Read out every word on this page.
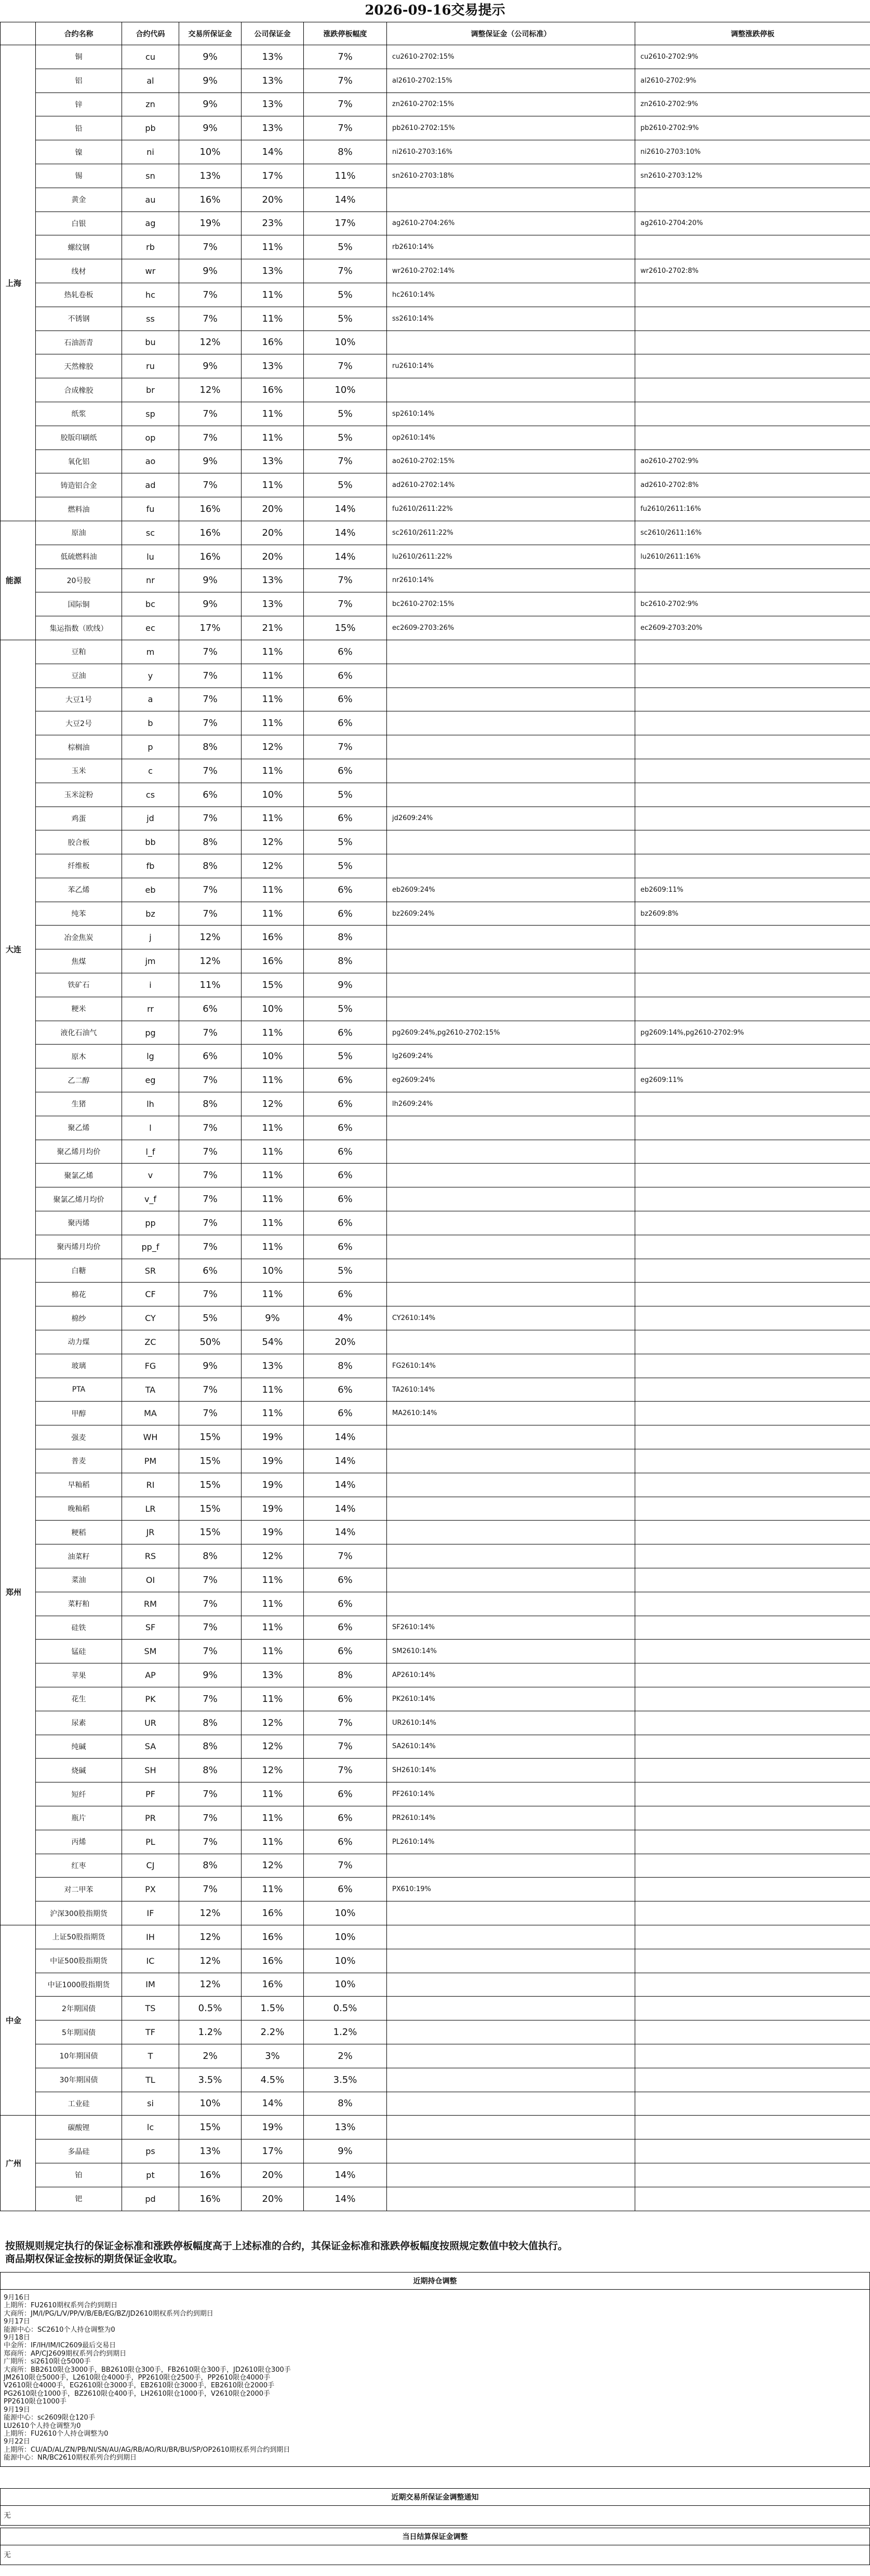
2026-09-16交易提示
	合约名称	合约代码	交易所保证金	公司保证金	涨跌停板幅度	调整保证金（公司标准）	调整涨跌停板
上海	铜	cu	9%	13%	7%	cu2610-2702:15%	cu2610-2702:9%
	铝	al	9%	13%	7%	al2610-2702:15%	al2610-2702:9%
	锌	zn	9%	13%	7%	zn2610-2702:15%	zn2610-2702:9%
	铅	pb	9%	13%	7%	pb2610-2702:15%	pb2610-2702:9%
	镍	ni	10%	14%	8%	ni2610-2703:16%	ni2610-2703:10%
	锡	sn	13%	17%	11%	sn2610-2703:18%	sn2610-2703:12%
	黄金	au	16%	20%	14%		
	白银	ag	19%	23%	17%	ag2610-2704:26%	ag2610-2704:20%
	螺纹钢	rb	7%	11%	5%	rb2610:14%	
	线材	wr	9%	13%	7%	wr2610-2702:14%	wr2610-2702:8%
	热轧卷板	hc	7%	11%	5%	hc2610:14%	
	不锈钢	ss	7%	11%	5%	ss2610:14%	
	石油沥青	bu	12%	16%	10%		
	天然橡胶	ru	9%	13%	7%	ru2610:14%	
	合成橡胶	br	12%	16%	10%		
	纸浆	sp	7%	11%	5%	sp2610:14%	
	胶版印刷纸	op	7%	11%	5%	op2610:14%	
	氧化铝	ao	9%	13%	7%	ao2610-2702:15%	ao2610-2702:9%
	铸造铝合金	ad	7%	11%	5%	ad2610-2702:14%	ad2610-2702:8%
	燃料油	fu	16%	20%	14%	fu2610/2611:22%	fu2610/2611:16%
能源	原油	sc	16%	20%	14%	sc2610/2611:22%	sc2610/2611:16%
	低硫燃料油	lu	16%	20%	14%	lu2610/2611:22%	lu2610/2611:16%
	20号胶	nr	9%	13%	7%	nr2610:14%	
	国际铜	bc	9%	13%	7%	bc2610-2702:15%	bc2610-2702:9%
	集运指数（欧线）	ec	17%	21%	15%	ec2609-2703:26%	ec2609-2703:20%
大连	豆粕	m	7%	11%	6%		
	豆油	y	7%	11%	6%		
	大豆1号	a	7%	11%	6%		
	大豆2号	b	7%	11%	6%		
	棕榈油	p	8%	12%	7%		
	玉米	c	7%	11%	6%		
	玉米淀粉	cs	6%	10%	5%		
	鸡蛋	jd	7%	11%	6%	jd2609:24%	
	胶合板	bb	8%	12%	5%		
	纤维板	fb	8%	12%	5%		
	苯乙烯	eb	7%	11%	6%	eb2609:24%	eb2609:11%
	纯苯	bz	7%	11%	6%	bz2609:24%	bz2609:8%
	冶金焦炭	j	12%	16%	8%		
	焦煤	jm	12%	16%	8%		
	铁矿石	i	11%	15%	9%		
	粳米	rr	6%	10%	5%		
	液化石油气	pg	7%	11%	6%	pg2609:24%,pg2610-2702:15%	pg2609:14%,pg2610-2702:9%
	原木	lg	6%	10%	5%	lg2609:24%	
	乙二醇	eg	7%	11%	6%	eg2609:24%	eg2609:11%
	生猪	lh	8%	12%	6%	lh2609:24%	
	聚乙烯	l	7%	11%	6%		
	聚乙烯月均价	l_f	7%	11%	6%		
	聚氯乙烯	v	7%	11%	6%		
	聚氯乙烯月均价	v_f	7%	11%	6%		
	聚丙烯	pp	7%	11%	6%		
	聚丙烯月均价	pp_f	7%	11%	6%		
郑州	白糖	SR	6%	10%	5%		
	棉花	CF	7%	11%	6%		
	棉纱	CY	5%	9%	4%	CY2610:14%	
	动力煤	ZC	50%	54%	20%		
	玻璃	FG	9%	13%	8%	FG2610:14%	
	PTA	TA	7%	11%	6%	TA2610:14%	
	甲醇	MA	7%	11%	6%	MA2610:14%	
	强麦	WH	15%	19%	14%		
	普麦	PM	15%	19%	14%		
	早籼稻	RI	15%	19%	14%		
	晚籼稻	LR	15%	19%	14%		
	粳稻	JR	15%	19%	14%		
	油菜籽	RS	8%	12%	7%		
	菜油	OI	7%	11%	6%		
	菜籽粕	RM	7%	11%	6%		
	硅铁	SF	7%	11%	6%	SF2610:14%	
	锰硅	SM	7%	11%	6%	SM2610:14%	
	苹果	AP	9%	13%	8%	AP2610:14%	
	花生	PK	7%	11%	6%	PK2610:14%	
	尿素	UR	8%	12%	7%	UR2610:14%	
	纯碱	SA	8%	12%	7%	SA2610:14%	
	烧碱	SH	8%	12%	7%	SH2610:14%	
	短纤	PF	7%	11%	6%	PF2610:14%	
	瓶片	PR	7%	11%	6%	PR2610:14%	
	丙烯	PL	7%	11%	6%	PL2610:14%	
	红枣	CJ	8%	12%	7%		
	对二甲苯	PX	7%	11%	6%	PX610:19%	
	沪深300股指期货	IF	12%	16%	10%		
中金	上证50股指期货	IH	12%	16%	10%		
	中证500股指期货	IC	12%	16%	10%		
	中证1000股指期货	IM	12%	16%	10%		
	2年期国债	TS	0.5%	1.5%	0.5%		
	5年期国债	TF	1.2%	2.2%	1.2%		
	10年期国债	T	2%	3%	2%		
	30年期国债	TL	3.5%	4.5%	3.5%		
	工业硅	si	10%	14%	8%		
广州	碳酸锂	lc	15%	19%	13%		
	多晶硅	ps	13%	17%	9%		
	铂	pt	16%	20%	14%		
	钯	pd	16%	20%	14%		
按照规则规定执行的保证金标准和涨跌停板幅度高于上述标准的合约，其保证金标准和涨跌停板幅度按照规定数值中较大值执行。
商品期权保证金按标的期货保证金收取。
近期持仓调整
9月16日
上期所：FU2610期权系列合约到期日
大商所：JM/I/PG/L/V/PP/V/B/EB/EG/BZ/JD2610期权系列合约到期日
9月17日
能源中心：SC2610个人持仓调整为0
9月18日
中金所：IF/IH/IM/IC2609最后交易日
郑商所：AP/CJ2609期权系列合约到期日
广期所：si2610限仓5000手
大商所：BB2610限仓3000手，BB2610限仓300手，FB2610限仓300手，JD2610限仓300手
JM2610限仓5000手，L2610限仓4000手，PP2610限仓2500手，PP2610限仓4000手
V2610限仓4000手，EG2610限仓3000手，EB2610限仓3000手，EB2610限仓2000手
PG2610限仓1000手，BZ2610限仓400手，LH2610限仓1000手，V2610限仓2000手
PP2610限仓1000手
9月19日
能源中心：sc2609限仓120手
LU2610个人持仓调整为0
上期所：FU2610个人持仓调整为0
9月22日
上期所：CU/AD/AL/ZN/PB/NI/SN/AU/AG/RB/AO/RU/BR/BU/SP/OP2610期权系列合约到期日
能源中心：NR/BC2610期权系列合约到期日
近期交易所保证金调整通知
无
当日结算保证金调整
无
